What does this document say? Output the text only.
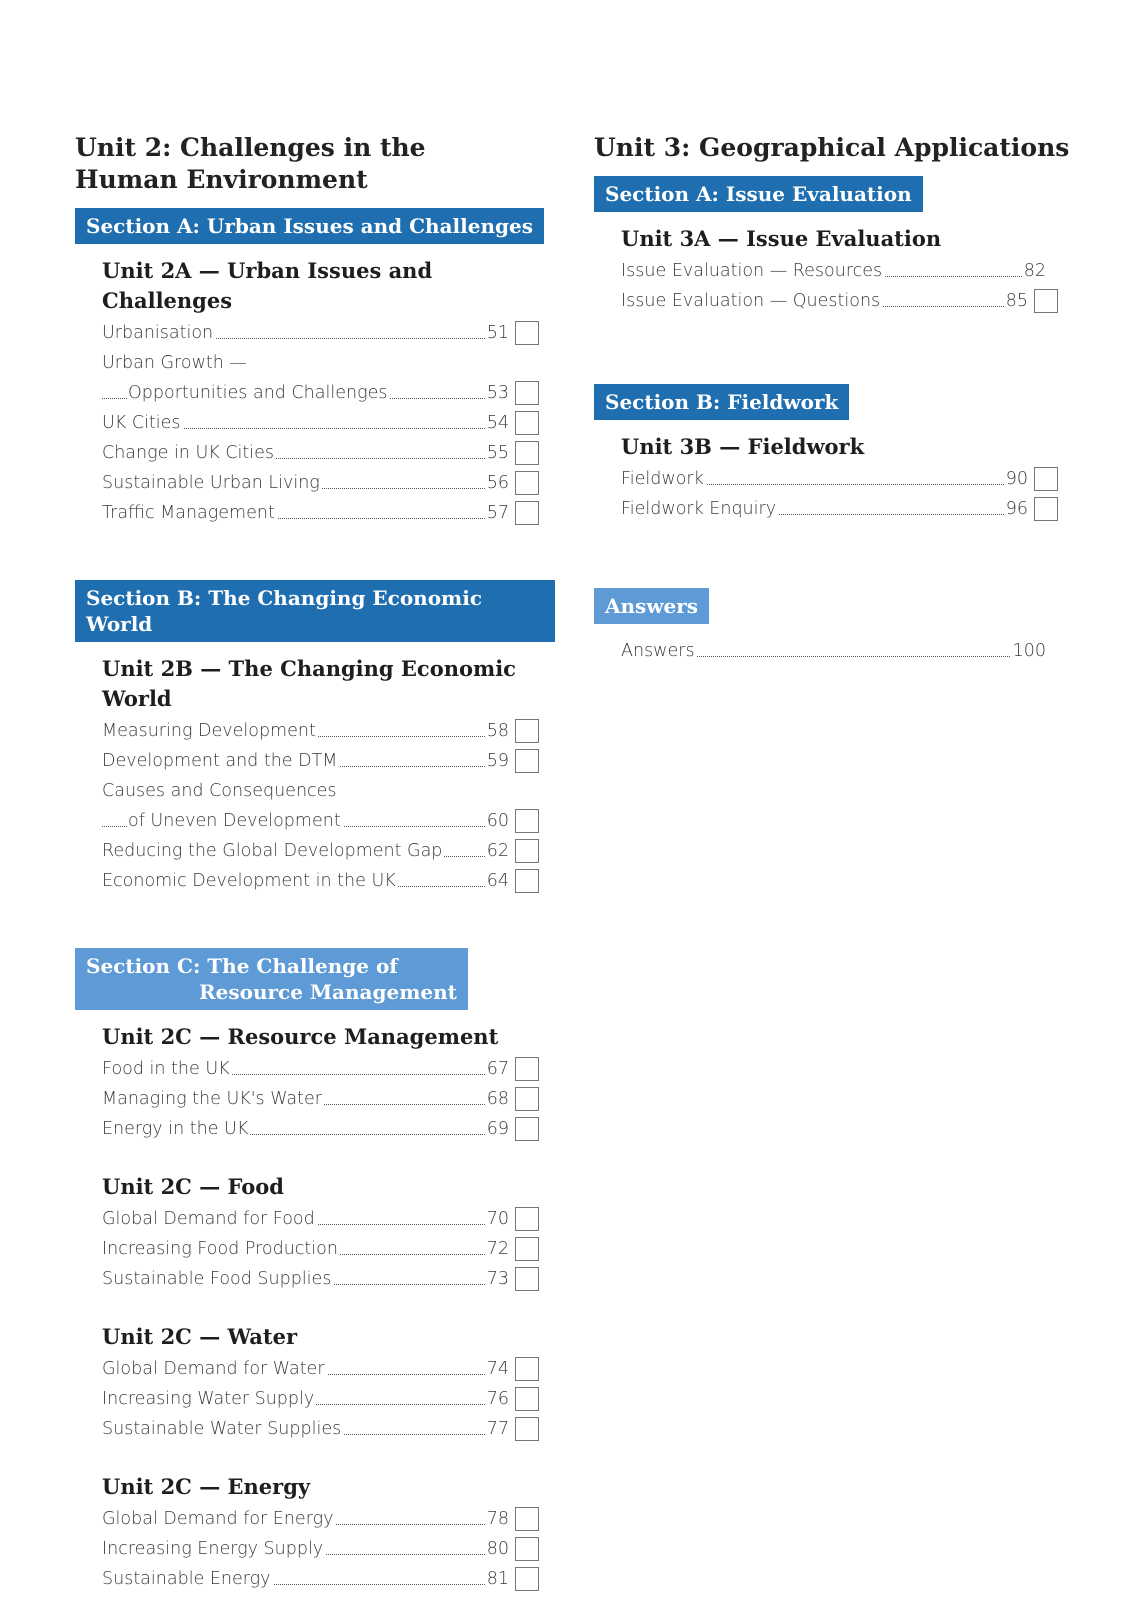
Unit 2: Challenges in the
Human Environment
Section A: Urban Issues and Challenges
Unit 2A — Urban Issues and Challenges
Urbanisation	51
Urban Growth —
Opportunities and Challenges	53
UK Cities	54
Change in UK Cities	55
Sustainable Urban Living	56
Traffic Management	57
Section B: The Changing Economic World
Unit 2B — The Changing Economic World
Measuring Development	58
Development and the DTM	59
Causes and Consequences
of Uneven Development	60
Reducing the Global Development Gap	62
Economic Development in the UK	64
Section C: The Challenge of
Resource Management
Unit 2C — Resource Management
Food in the UK	67
Managing the UK's Water	68
Energy in the UK	69
Unit 2C — Food
Global Demand for Food	70
Increasing Food Production	72
Sustainable Food Supplies	73
Unit 2C — Water
Global Demand for Water	74
Increasing Water Supply	76
Sustainable Water Supplies	77
Unit 2C — Energy
Global Demand for Energy	78
Increasing Energy Supply	80
Sustainable Energy	81
Unit 3: Geographical Applications
Section A: Issue Evaluation
Unit 3A — Issue Evaluation
Issue Evaluation — Resources	82
Issue Evaluation — Questions	85
Section B: Fieldwork
Unit 3B — Fieldwork
Fieldwork	90
Fieldwork Enquiry	96
Answers
Answers	100
